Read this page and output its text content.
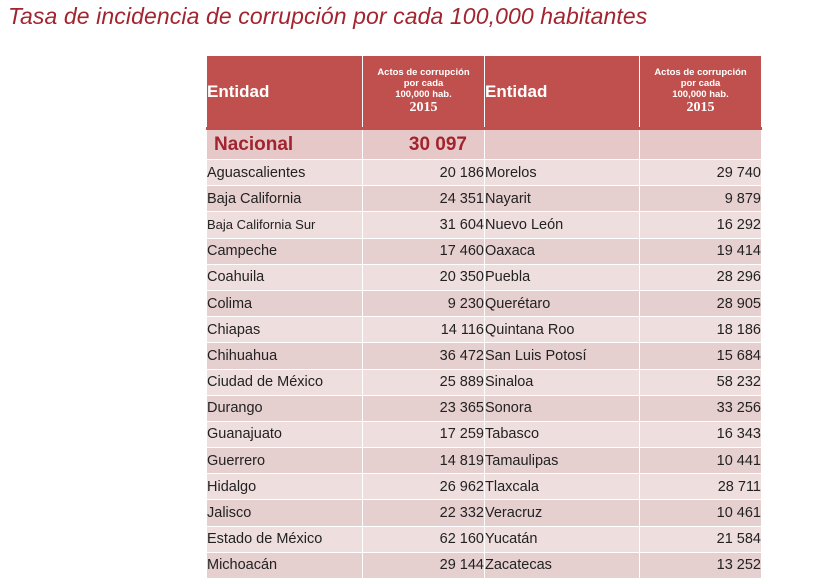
Tasa de incidencia de corrupción por cada 100,000 habitantes
Entidad	Actos de corrupción
por cada
100,000 hab.
2015	Entidad	Actos de corrupción
por cada
100,000 hab.
2015

Nacional	30 097		
Aguascalientes	20 186	Morelos	29 740
Baja California	24 351	Nayarit	9 879
Baja California Sur	31 604	Nuevo León	16 292
Campeche	17 460	Oaxaca	19 414
Coahuila	20 350	Puebla	28 296
Colima	9 230	Querétaro	28 905
Chiapas	14 116	Quintana Roo	18 186
Chihuahua	36 472	San Luis Potosí	15 684
Ciudad de México	25 889	Sinaloa	58 232
Durango	23 365	Sonora	33 256
Guanajuato	17 259	Tabasco	16 343
Guerrero	14 819	Tamaulipas	10 441
Hidalgo	26 962	Tlaxcala	28 711
Jalisco	22 332	Veracruz	10 461
Estado de México	62 160	Yucatán	21 584
Michoacán	29 144	Zacatecas	13 252
